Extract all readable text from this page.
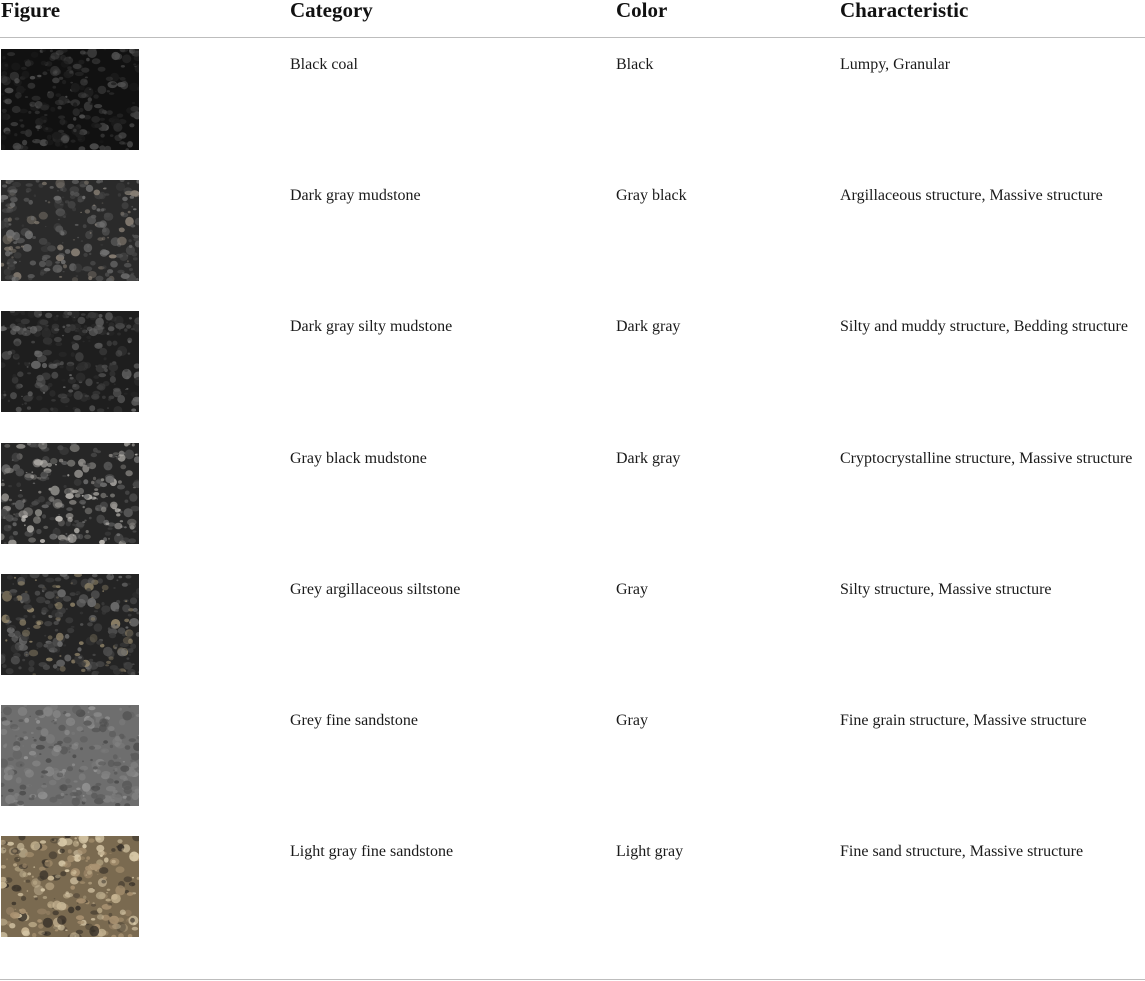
Figure	Category	Color	Characteristic
Black coal	Black	Lumpy, Granular
Dark gray mudstone	Gray black	Argillaceous structure, Massive structure
Dark gray silty mudstone	Dark gray	Silty and muddy structure, Bedding structure
Gray black mudstone	Dark gray	Cryptocrystalline structure, Massive structure
Grey argillaceous siltstone	Gray	Silty structure, Massive structure
Grey fine sandstone	Gray	Fine grain structure, Massive structure
Light gray fine sandstone	Light gray	Fine sand structure, Massive structure
